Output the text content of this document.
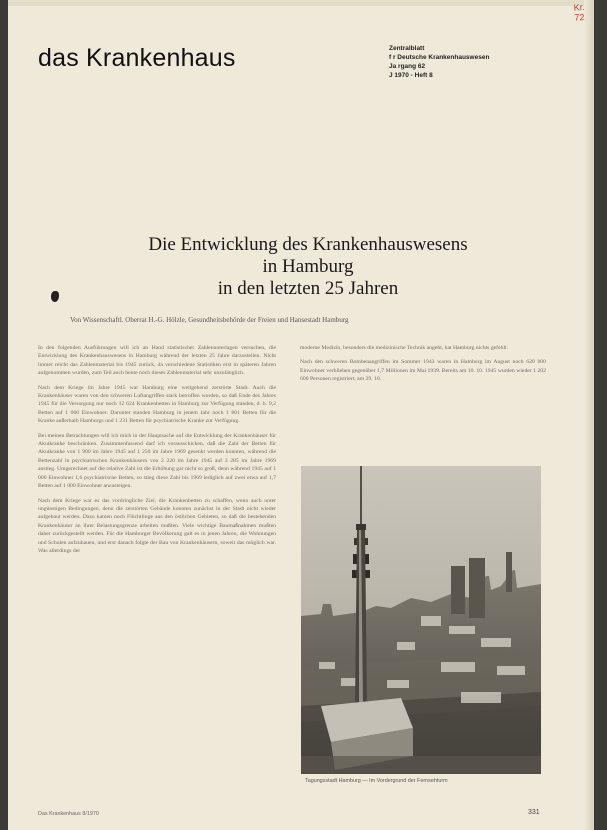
Kr. 72
das Krankenhaus	Zentralblatt
f r Deutsche Krankenhauswesen
Ja rgang 62
J 1970 - Heft 8
Die Entwicklung des Krankenhauswesens
in Hamburg
in den letzten 25 Jahren
Von Wissenschaftl. Oberrat H.-G. Hölzle, Gesundheitsbehörde der Freien und Hansestadt Hamburg

In den folgenden Ausführungen will ich an Hand statistischer Zahlenunterlagen versuchen, die Entwicklung des Krankenhauswesens in Hamburg während der letzten 25 Jahre darzustellen. Nicht immer reicht das Zahlenmaterial bis 1945 zurück, da verschiedene Statistiken erst in späteren Jahren aufgenommen wurden, zum Teil auch heute noch dieses Zahlenmaterial sehr unzulänglich.

Nach dem Kriege im Jahre 1945 war Hamburg eine weitgehend zerstörte Stadt. Auch die Krankenhäuser waren von den schweren Luftangriffen stark betroffen worden, so daß Ende des Jahres 1945 für die Versorgung nur noch 12 624 Krankenbetten in Hamburg zur Verfügung standen, d. h. 9,2 Betten auf 1 000 Einwohner. Darunter standen Hamburg in jenem Jahr noch 1 801 Betten für die Kranke außerhalb Hamburgs und 1 231 Betten für psychiatrische Kranke zur Verfügung.

Bei meinen Betrachtungen will ich mich in der Hauptsache auf die Entwicklung der Krankenhäuser für Akutkranke beschränken. Zusammenfassend darf ich vorausschicken, daß die Zahl der Betten für Akutkranke von 1 900 im Jahre 1945 auf 1 250 im Jahre 1969 gesenkt werden konnten, während die Bettenzahl in psychiatrischen Krankenhäusern von 2 220 im Jahre 1945 auf 3 285 im Jahre 1969 anstieg. Umgerechnet auf die relative Zahl ist die Erhöhung gar nicht so groß, denn während 1945 auf 1 000 Einwohner 1,6 psychiatrische Betten, so stieg diese Zahl bis 1969 lediglich auf zwei etwa auf 1,7 Betten auf 1 000 Einwohner anzusteigen.

Nach dem Kriege war es das vordringliche Ziel, die Krankenbetten zu schaffen, wenn auch unter ungünstigen Bedingungen, denn die zerstörten Gebäude konnten zunächst in der Stadt nicht wieder aufgebaut werden. Dazu kamen noch Flüchtlinge aus den östlichen Gebieten, so daß die bestehenden Krankenhäuser an ihrer Belastungsgrenze arbeiten mußten. Viele wichtige Baumaßnahmen mußten daher zurückgestellt werden. Für die Hamburger Bevölkerung galt es in jenen Jahren, die Wohnungen und Schulen aufzubauen, und erst danach folgte der Bau von Krankenhäusern, soweit das möglich war. Was allerdings der

moderne Medizin, besonders die medizinische Technik angeht, hat Hamburg nichts gefehlt.

Nach den schweren Bombenangriffen im Sommer 1943 waren in Hamburg im August noch 620 000 Einwohner verblieben gegenüber 1,7 Millionen im Mai 1939. Bereits am 10. 10. 1945 wurden wieder 1 202 600 Personen registriert, am 29. 10.

Tagungsstadt Hamburg — Im Vordergrund der Fernsehturm
Das Krankenhaus 8/1970	331
